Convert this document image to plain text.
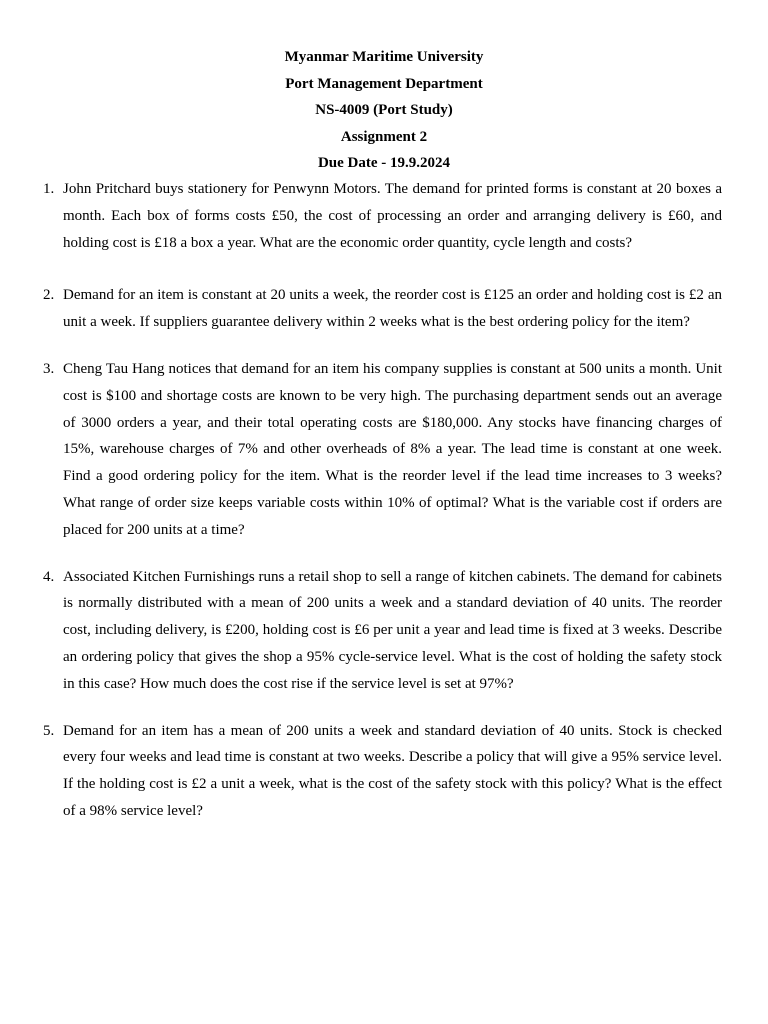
Myanmar Maritime University
Port Management Department
NS-4009 (Port Study)
Assignment 2
Due Date - 19.9.2024
1. John Pritchard buys stationery for Penwynn Motors. The demand for printed forms is constant at 20 boxes a month. Each box of forms costs £50, the cost of processing an order and arranging delivery is £60, and holding cost is £18 a box a year. What are the economic order quantity, cycle length and costs?
2. Demand for an item is constant at 20 units a week, the reorder cost is £125 an order and holding cost is £2 an unit a week. If suppliers guarantee delivery within 2 weeks what is the best ordering policy for the item?
3. Cheng Tau Hang notices that demand for an item his company supplies is constant at 500 units a month. Unit cost is $100 and shortage costs are known to be very high. The purchasing department sends out an average of 3000 orders a year, and their total operating costs are $180,000. Any stocks have financing charges of 15%, warehouse charges of 7% and other overheads of 8% a year. The lead time is constant at one week. Find a good ordering policy for the item. What is the reorder level if the lead time increases to 3 weeks? What range of order size keeps variable costs within 10% of optimal? What is the variable cost if orders are placed for 200 units at a time?
4. Associated Kitchen Furnishings runs a retail shop to sell a range of kitchen cabinets. The demand for cabinets is normally distributed with a mean of 200 units a week and a standard deviation of 40 units. The reorder cost, including delivery, is £200, holding cost is £6 per unit a year and lead time is fixed at 3 weeks. Describe an ordering policy that gives the shop a 95% cycle-service level. What is the cost of holding the safety stock in this case? How much does the cost rise if the service level is set at 97%?
5. Demand for an item has a mean of 200 units a week and standard deviation of 40 units. Stock is checked every four weeks and lead time is constant at two weeks. Describe a policy that will give a 95% service level. If the holding cost is £2 a unit a week, what is the cost of the safety stock with this policy? What is the effect of a 98% service level?
